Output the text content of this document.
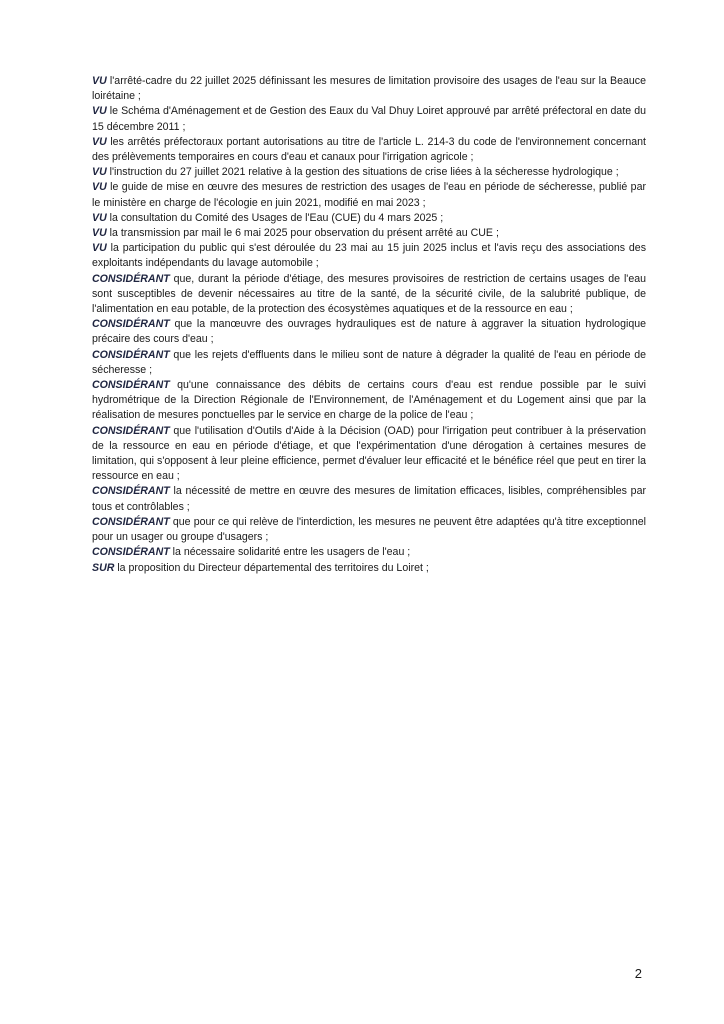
VU l'arrêté-cadre du 22 juillet 2025 définissant les mesures de limitation provisoire des usages de l'eau sur la Beauce loirétaine ;

VU le Schéma d'Aménagement et de Gestion des Eaux du Val Dhuy Loiret approuvé par arrêté préfectoral en date du 15 décembre 2011 ;

VU les arrêtés préfectoraux portant autorisations au titre de l'article L. 214-3 du code de l'environnement concernant des prélèvements temporaires en cours d'eau et canaux pour l'irrigation agricole ;

VU l'instruction du 27 juillet 2021 relative à la gestion des situations de crise liées à la sécheresse hydrologique ;

VU le guide de mise en œuvre des mesures de restriction des usages de l'eau en période de sécheresse, publié par le ministère en charge de l'écologie en juin 2021, modifié en mai 2023 ;

VU la consultation du Comité des Usages de l'Eau (CUE) du 4 mars 2025 ;

VU la transmission par mail le 6 mai 2025 pour observation du présent arrêté au CUE ;

VU la participation du public qui s'est déroulée du 23 mai au 15 juin 2025 inclus et l'avis reçu des associations des exploitants indépendants du lavage automobile ;

CONSIDÉRANT que, durant la période d'étiage, des mesures provisoires de restriction de certains usages de l'eau sont susceptibles de devenir nécessaires au titre de la santé, de la sécurité civile, de la salubrité publique, de l'alimentation en eau potable, de la protection des écosystèmes aquatiques et de la ressource en eau ;

CONSIDÉRANT que la manœuvre des ouvrages hydrauliques est de nature à aggraver la situation hydrologique précaire des cours d'eau ;

CONSIDÉRANT que les rejets d'effluents dans le milieu sont de nature à dégrader la qualité de l'eau en période de sécheresse ;

CONSIDÉRANT qu'une connaissance des débits de certains cours d'eau est rendue possible par le suivi hydrométrique de la Direction Régionale de l'Environnement, de l'Aménagement et du Logement ainsi que par la réalisation de mesures ponctuelles par le service en charge de la police de l'eau ;

CONSIDÉRANT que l'utilisation d'Outils d'Aide à la Décision (OAD) pour l'irrigation peut contribuer à la préservation de la ressource en eau en période d'étiage, et que l'expérimentation d'une dérogation à certaines mesures de limitation, qui s'opposent à leur pleine efficience, permet d'évaluer leur efficacité et le bénéfice réel que peut en tirer la ressource en eau ;

CONSIDÉRANT la nécessité de mettre en œuvre des mesures de limitation efficaces, lisibles, compréhensibles par tous et contrôlables ;

CONSIDÉRANT que pour ce qui relève de l'interdiction, les mesures ne peuvent être adaptées qu'à titre exceptionnel pour un usager ou groupe d'usagers ;

CONSIDÉRANT la nécessaire solidarité entre les usagers de l'eau ;

SUR la proposition du Directeur départemental des territoires du Loiret ;

2
